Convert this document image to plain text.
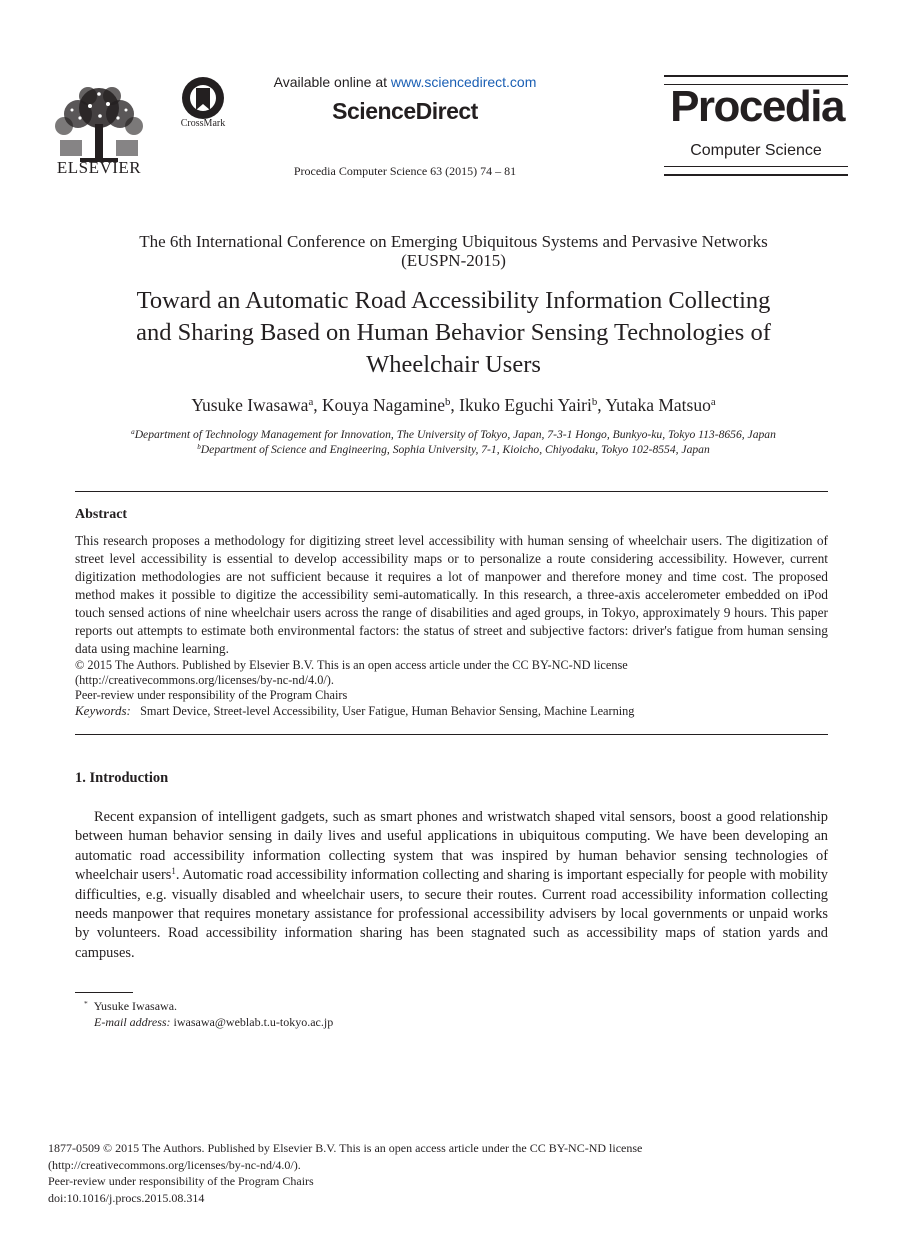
ELSEVIER
CrossMark
Available online at www.sciencedirect.com
ScienceDirect
Procedia Computer Science 63 (2015) 74 – 81
Procedia
Computer Science
The 6th International Conference on Emerging Ubiquitous Systems and Pervasive Networks
(EUSPN-2015)
Toward an Automatic Road Accessibility Information Collecting
and Sharing Based on Human Behavior Sensing Technologies of
Wheelchair Users
Yusuke Iwasawa$^a$, Kouya Nagamine$^b$, Ikuko Eguchi Yairi$^b$, Yutaka Matsuo$^a$
$^a$Department of Technology Management for Innovation, The University of Tokyo, Japan, 7-3-1 Hongo, Bunkyo-ku, Tokyo 113-8656, Japan
$^b$Department of Science and Engineering, Sophia University, 7-1, Kioicho, Chiyodaku, Tokyo 102-8554, Japan
Abstract
This research proposes a methodology for digitizing street level accessibility with human sensing of wheelchair users. The digitization of street level accessibility is essential to develop accessibility maps or to personalize a route considering accessibility. However, current digitization methodologies are not sufficient because it requires a lot of manpower and therefore money and time cost. The proposed method makes it possible to digitize the accessibility semi-automatically. In this research, a three-axis accelerometer embedded on iPod touch sensed actions of nine wheelchair users across the range of disabilities and aged groups, in Tokyo, approximately 9 hours. This paper reports out attempts to estimate both environmental factors: the status of street and subjective factors: driver's fatigue from human sensing data using machine learning.
© 2015 The Authors. Published by Elsevier B.V. This is an open access article under the CC BY-NC-ND license
(http://creativecommons.org/licenses/by-nc-nd/4.0/).
Peer-review under responsibility of the Program Chairs
Keywords: Smart Device, Street-level Accessibility, User Fatigue, Human Behavior Sensing, Machine Learning
1. Introduction
Recent expansion of intelligent gadgets, such as smart phones and wristwatch shaped vital sensors, boost a good relationship between human behavior sensing in daily lives and useful applications in ubiquitous computing. We have been developing an automatic road accessibility information collecting system that was inspired by human behavior sensing technologies of wheelchair users$^1$. Automatic road accessibility information collecting and sharing is important especially for people with mobility difficulties, e.g. visually disabled and wheelchair users, to secure their routes. Current road accessibility information collecting needs manpower that requires monetary assistance for professional accessibility advisers by local governments or unpaid works by volunteers. Road accessibility information sharing has been stagnated such as accessibility maps of station yards and campuses.
* Yusuke Iwasawa.
E-mail address: iwasawa@weblab.t.u-tokyo.ac.jp
1877-0509 © 2015 The Authors. Published by Elsevier B.V. This is an open access article under the CC BY-NC-ND license
(http://creativecommons.org/licenses/by-nc-nd/4.0/).
Peer-review under responsibility of the Program Chairs
doi:10.1016/j.procs.2015.08.314
